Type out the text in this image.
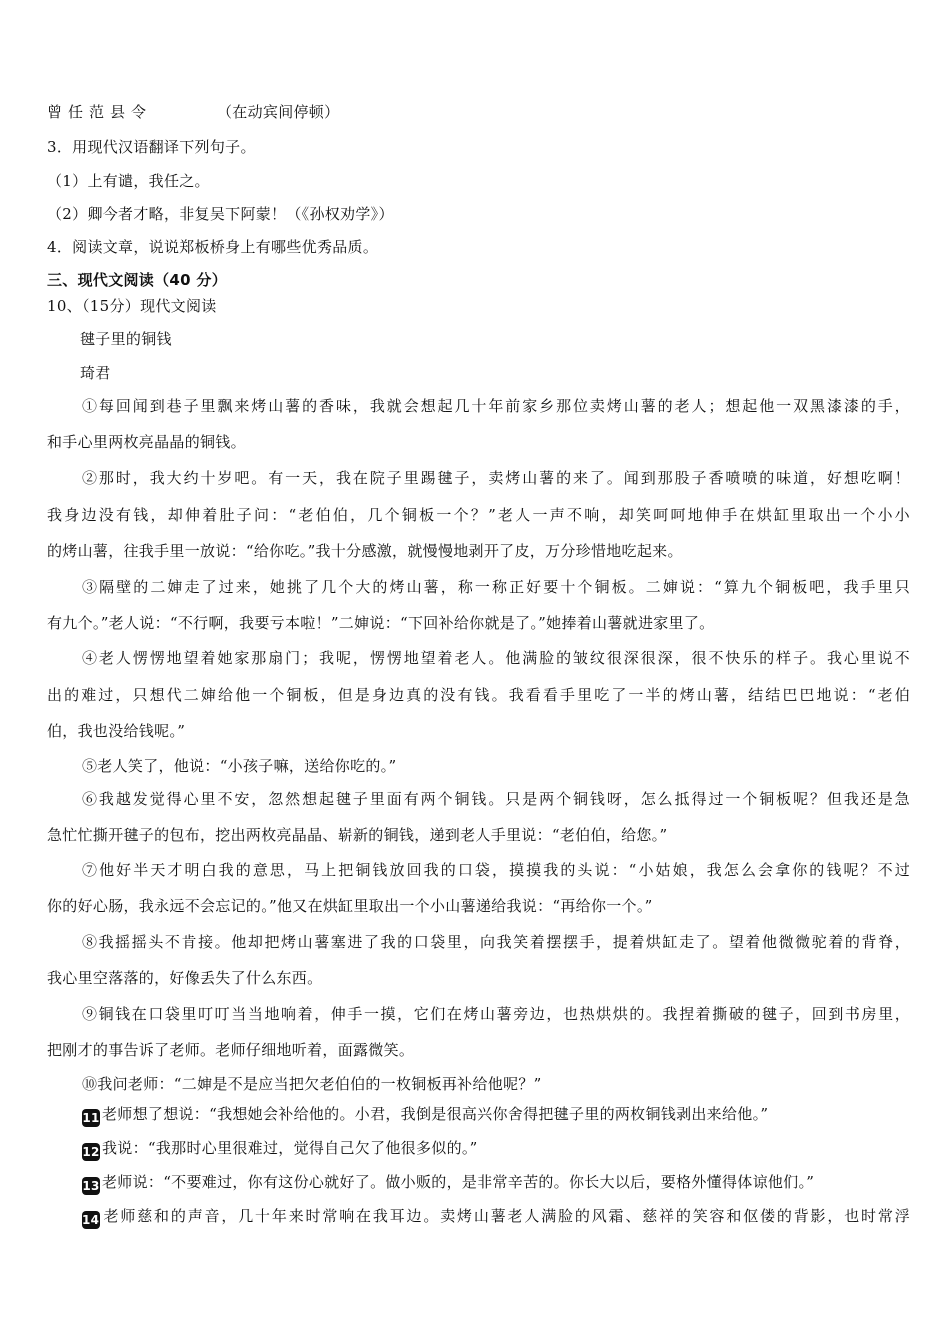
曾任范县令	（在动宾间停顿）

3．用现代汉语翻译下列句子。

（1）上有谴，我任之。

（2）卿今者才略，非复吴下阿蒙！（《孙权劝学》）

4．阅读文章，说说郑板桥身上有哪些优秀品质。

三、现代文阅读（40 分）

10、（15分）现代文阅读

毽子里的铜钱

琦君

①每回闻到巷子里飘来烤山薯的香味，我就会想起几十年前家乡那位卖烤山薯的老人；想起他一双黑漆漆的手，

和手心里两枚亮晶晶的铜钱。

②那时，我大约十岁吧。有一天，我在院子里踢毽子，卖烤山薯的来了。闻到那股子香喷喷的味道，好想吃啊！

我身边没有钱，却伸着肚子问：“老伯伯，几个铜板一个？”老人一声不响，却笑呵呵地伸手在烘缸里取出一个小小

的烤山薯，往我手里一放说：“给你吃。”我十分感激，就慢慢地剥开了皮，万分珍惜地吃起来。

③隔壁的二婶走了过来，她挑了几个大的烤山薯，称一称正好要十个铜板。二婶说：“算九个铜板吧，我手里只

有九个。”老人说：“不行啊，我要亏本啦！”二婶说：“下回补给你就是了。”她捧着山薯就进家里了。

④老人愣愣地望着她家那扇门；我呢，愣愣地望着老人。他满脸的皱纹很深很深，很不快乐的样子。我心里说不

出的难过，只想代二婶给他一个铜板，但是身边真的没有钱。我看看手里吃了一半的烤山薯，结结巴巴地说：“老伯

伯，我也没给钱呢。”

⑤老人笑了，他说：“小孩子嘛，送给你吃的。”

⑥我越发觉得心里不安，忽然想起毽子里面有两个铜钱。只是两个铜钱呀，怎么抵得过一个铜板呢？但我还是急

急忙忙撕开毽子的包布，挖出两枚亮晶晶、崭新的铜钱，递到老人手里说：“老伯伯，给您。”

⑦他好半天才明白我的意思，马上把铜钱放回我的口袋，摸摸我的头说：“小姑娘，我怎么会拿你的钱呢？不过

你的好心肠，我永远不会忘记的。”他又在烘缸里取出一个小山薯递给我说：“再给你一个。”

⑧我摇摇头不肯接。他却把烤山薯塞进了我的口袋里，向我笑着摆摆手，提着烘缸走了。望着他微微驼着的背脊，

我心里空落落的，好像丢失了什么东西。

⑨铜钱在口袋里叮叮当当地响着，伸手一摸，它们在烤山薯旁边，也热烘烘的。我捏着撕破的毽子，回到书房里，

把刚才的事告诉了老师。老师仔细地听着，面露微笑。

⑩我问老师：“二婶是不是应当把欠老伯伯的一枚铜板再补给他呢？”

11 老师想了想说：“我想她会补给他的。小君，我倒是很高兴你舍得把毽子里的两枚铜钱剥出来给他。”

12 我说：“我那时心里很难过，觉得自己欠了他很多似的。”

13 老师说：“不要难过，你有这份心就好了。做小贩的，是非常辛苦的。你长大以后，要格外懂得体谅他们。”

14 老师慈和的声音，几十年来时常响在我耳边。卖烤山薯老人满脸的风霜、慈祥的笑容和伛偻的背影，也时常浮
